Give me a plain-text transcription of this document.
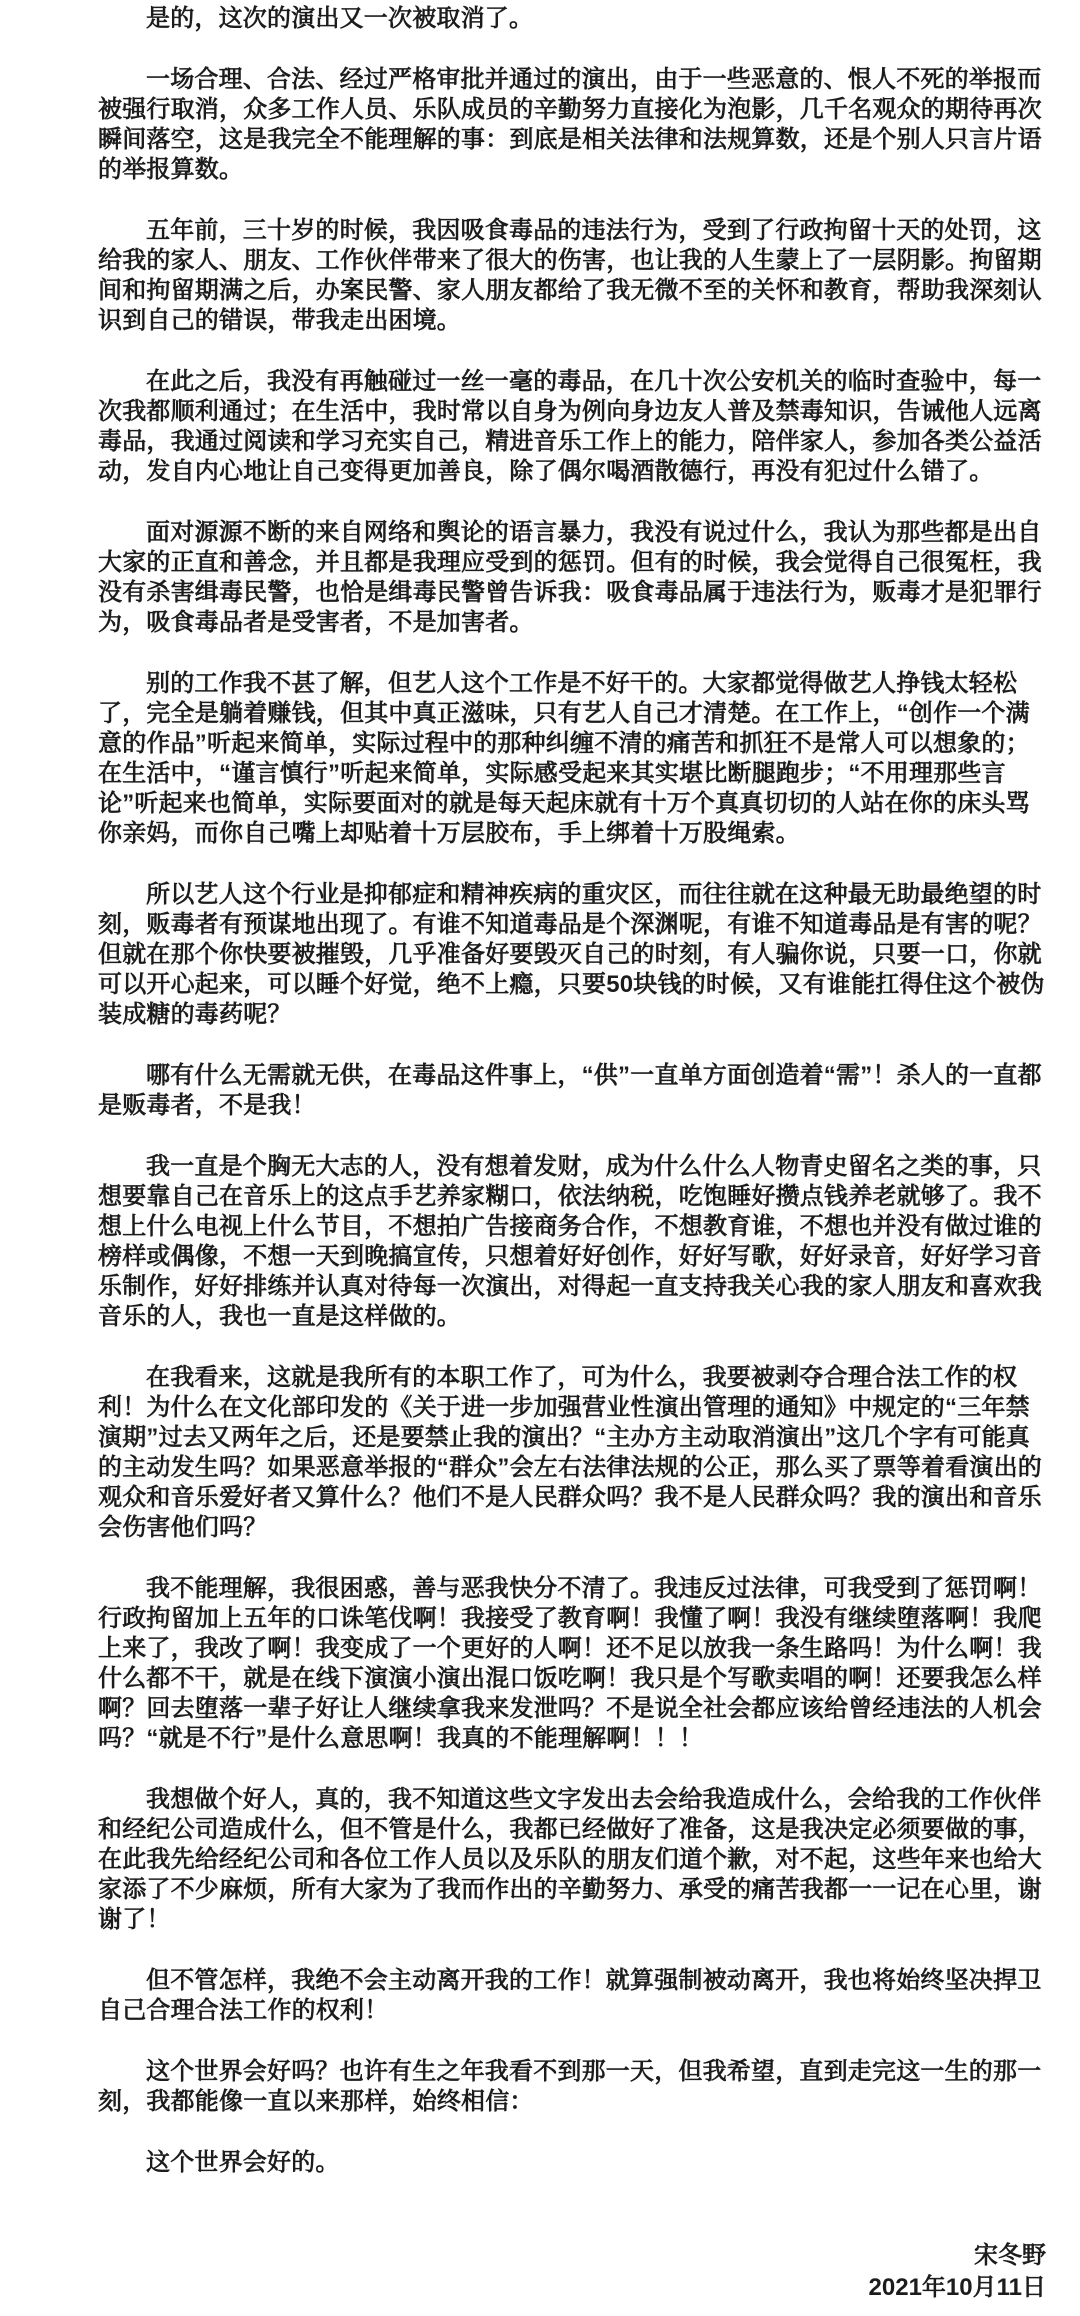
是的，这次的演出又一次被取消了。

一场合理、合法、经过严格审批并通过的演出，由于一些恶意的、恨人不死的举报而被强行取消，众多工作人员、乐队成员的辛勤努力直接化为泡影，几千名观众的期待再次瞬间落空，这是我完全不能理解的事：到底是相关法律和法规算数，还是个别人只言片语的举报算数。

五年前，三十岁的时候，我因吸食毒品的违法行为，受到了行政拘留十天的处罚，这给我的家人、朋友、工作伙伴带来了很大的伤害，也让我的人生蒙上了一层阴影。拘留期间和拘留期满之后，办案民警、家人朋友都给了我无微不至的关怀和教育，帮助我深刻认识到自己的错误，带我走出困境。

在此之后，我没有再触碰过一丝一毫的毒品，在几十次公安机关的临时查验中，每一次我都顺利通过；在生活中，我时常以自身为例向身边友人普及禁毒知识，告诫他人远离毒品，我通过阅读和学习充实自己，精进音乐工作上的能力，陪伴家人，参加各类公益活动，发自内心地让自己变得更加善良，除了偶尔喝酒散德行，再没有犯过什么错了。

面对源源不断的来自网络和舆论的语言暴力，我没有说过什么，我认为那些都是出自大家的正直和善念，并且都是我理应受到的惩罚。但有的时候，我会觉得自己很冤枉，我没有杀害缉毒民警，也恰是缉毒民警曾告诉我：吸食毒品属于违法行为，贩毒才是犯罪行为，吸食毒品者是受害者，不是加害者。

别的工作我不甚了解，但艺人这个工作是不好干的。大家都觉得做艺人挣钱太轻松了，完全是躺着赚钱，但其中真正滋味，只有艺人自己才清楚。在工作上，“创作一个满意的作品”听起来简单，实际过程中的那种纠缠不清的痛苦和抓狂不是常人可以想象的；在生活中，“谨言慎行”听起来简单，实际感受起来其实堪比断腿跑步；“不用理那些言论”听起来也简单，实际要面对的就是每天起床就有十万个真真切切的人站在你的床头骂你亲妈，而你自己嘴上却贴着十万层胶布，手上绑着十万股绳索。

所以艺人这个行业是抑郁症和精神疾病的重灾区，而往往就在这种最无助最绝望的时刻，贩毒者有预谋地出现了。有谁不知道毒品是个深渊呢，有谁不知道毒品是有害的呢？但就在那个你快要被摧毁，几乎准备好要毁灭自己的时刻，有人骗你说，只要一口，你就可以开心起来，可以睡个好觉，绝不上瘾，只要50块钱的时候，又有谁能扛得住这个被伪装成糖的毒药呢？

哪有什么无需就无供，在毒品这件事上，“供”一直单方面创造着“需”！杀人的一直都是贩毒者，不是我！

我一直是个胸无大志的人，没有想着发财，成为什么什么人物青史留名之类的事，只想要靠自己在音乐上的这点手艺养家糊口，依法纳税，吃饱睡好攒点钱养老就够了。我不想上什么电视上什么节目，不想拍广告接商务合作，不想教育谁，不想也并没有做过谁的榜样或偶像，不想一天到晚搞宣传，只想着好好创作，好好写歌，好好录音，好好学习音乐制作，好好排练并认真对待每一次演出，对得起一直支持我关心我的家人朋友和喜欢我音乐的人，我也一直是这样做的。

在我看来，这就是我所有的本职工作了，可为什么，我要被剥夺合理合法工作的权利！为什么在文化部印发的《关于进一步加强营业性演出管理的通知》中规定的“三年禁演期”过去又两年之后，还是要禁止我的演出？“主办方主动取消演出”这几个字有可能真的主动发生吗？如果恶意举报的“群众”会左右法律法规的公正，那么买了票等着看演出的观众和音乐爱好者又算什么？他们不是人民群众吗？我不是人民群众吗？我的演出和音乐会伤害他们吗？

我不能理解，我很困惑，善与恶我快分不清了。我违反过法律，可我受到了惩罚啊！行政拘留加上五年的口诛笔伐啊！我接受了教育啊！我懂了啊！我没有继续堕落啊！我爬上来了，我改了啊！我变成了一个更好的人啊！还不足以放我一条生路吗！为什么啊！我什么都不干，就是在线下演演小演出混口饭吃啊！我只是个写歌卖唱的啊！还要我怎么样啊？回去堕落一辈子好让人继续拿我来发泄吗？不是说全社会都应该给曾经违法的人机会吗？“就是不行”是什么意思啊！我真的不能理解啊！！！

我想做个好人，真的，我不知道这些文字发出去会给我造成什么，会给我的工作伙伴和经纪公司造成什么，但不管是什么，我都已经做好了准备，这是我决定必须要做的事，在此我先给经纪公司和各位工作人员以及乐队的朋友们道个歉，对不起，这些年来也给大家添了不少麻烦，所有大家为了我而作出的辛勤努力、承受的痛苦我都一一记在心里，谢谢了！

但不管怎样，我绝不会主动离开我的工作！就算强制被动离开，我也将始终坚决捍卫自己合理合法工作的权利！

这个世界会好吗？也许有生之年我看不到那一天，但我希望，直到走完这一生的那一刻，我都能像一直以来那样，始终相信：

这个世界会好的。

宋冬野

2021年10月11日
